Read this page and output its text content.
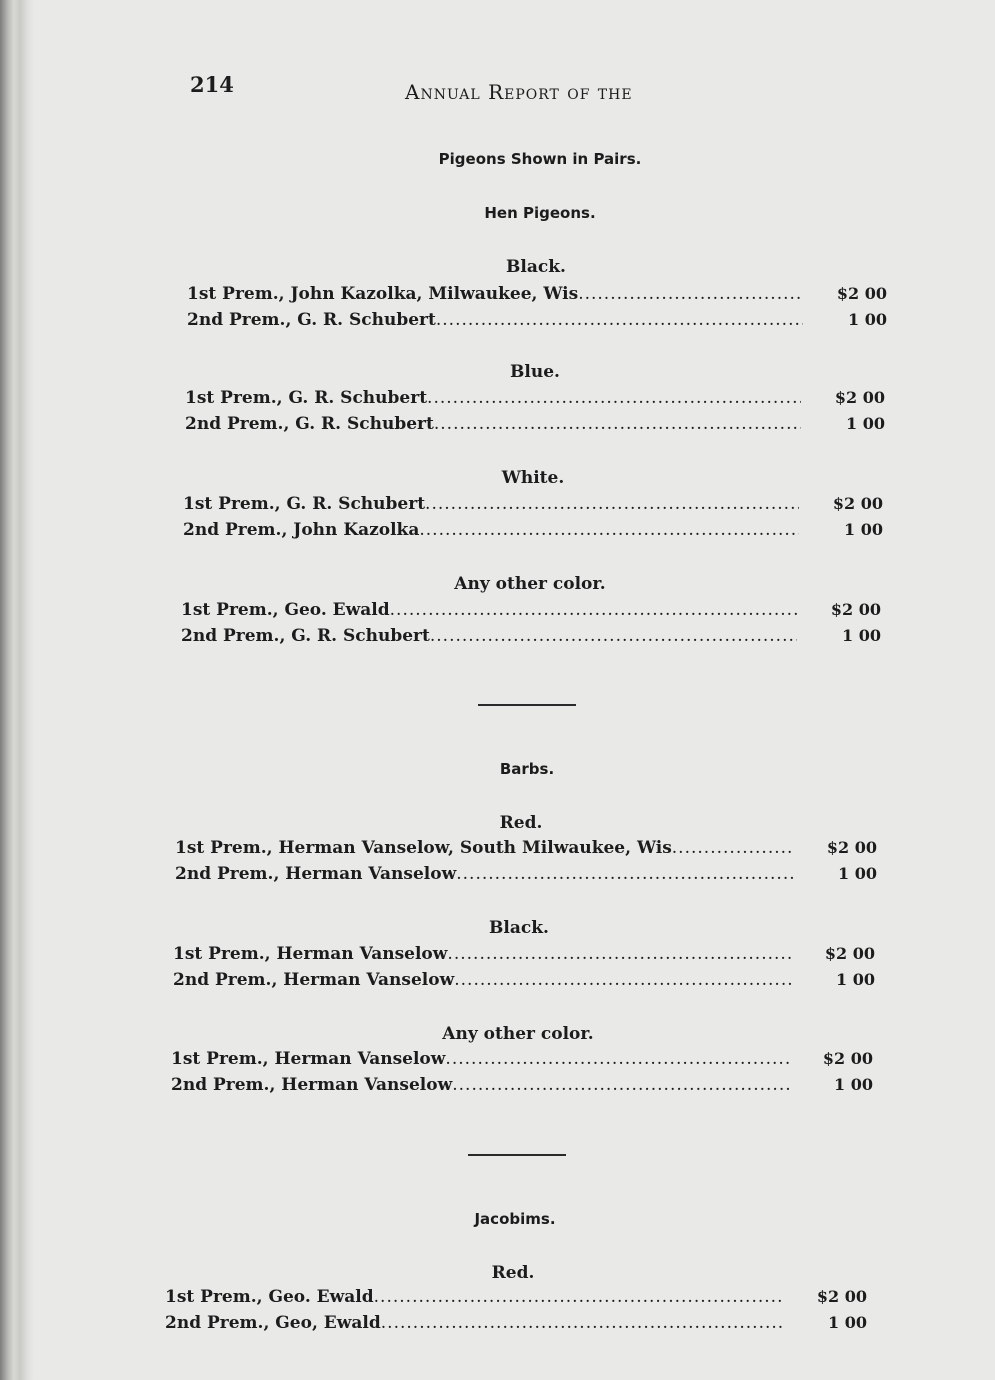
214	Annual Report of the
Pigeons Shown in Pairs.
Hen Pigeons.
Black.
1st Prem., John Kazolka, Milwaukee, Wis .....	$2 00
2nd Prem., G. R. Schubert .....	1 00
Blue.
1st Prem., G. R. Schubert .....	$2 00
2nd Prem., G. R. Schubert .....	1 00
White.
1st Prem., G. R. Schubert .....	$2 00
2nd Prem., John Kazolka .....	1 00
Any other color.
1st Prem., Geo. Ewald .....	$2 00
2nd Prem., G. R. Schubert .....	1 00
Barbs.
Red.
1st Prem., Herman Vanselow, South Milwaukee, Wis .....	$2 00
2nd Prem., Herman Vanselow .....	1 00
Black.
1st Prem., Herman Vanselow .....	$2 00
2nd Prem., Herman Vanselow .....	1 00
Any other color.
1st Prem., Herman Vanselow .....	$2 00
2nd Prem., Herman Vanselow .....	1 00
Jacobims.
Red.
1st Prem., Geo. Ewald .....	$2 00
2nd Prem., Geo, Ewald .....	1 00
